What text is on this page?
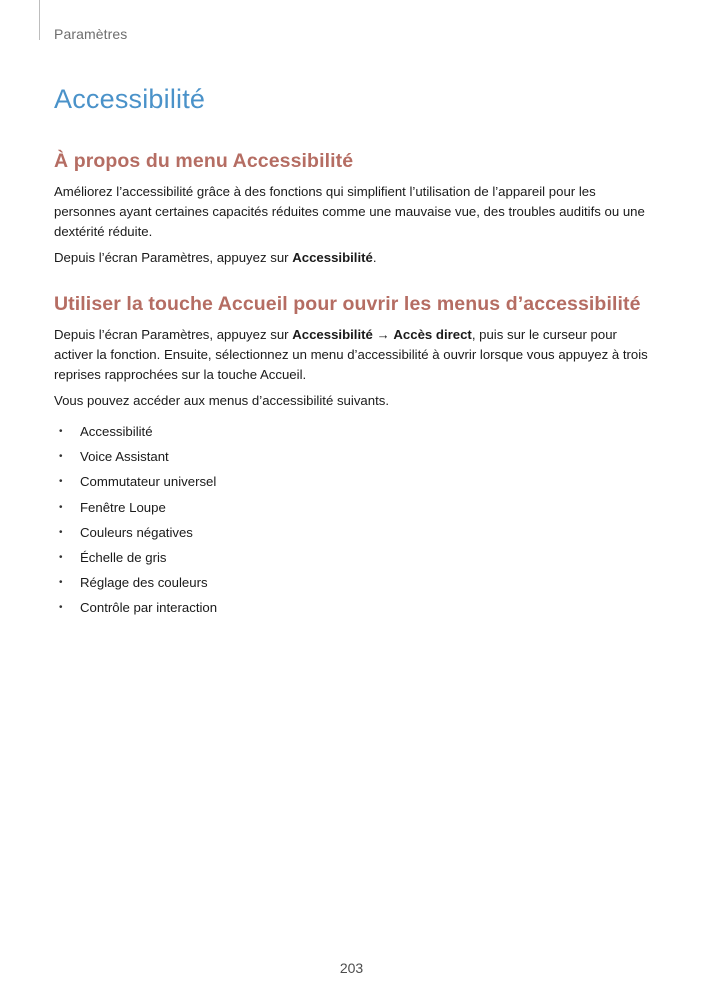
Paramètres
Accessibilité
À propos du menu Accessibilité

Améliorez l’accessibilité grâce à des fonctions qui simplifient l’utilisation de l’appareil pour les personnes ayant certaines capacités réduites comme une mauvaise vue, des troubles auditifs ou une dextérité réduite.

Depuis l’écran Paramètres, appuyez sur Accessibilité.

Utiliser la touche Accueil pour ouvrir les menus d’accessibilité

Depuis l’écran Paramètres, appuyez sur Accessibilité → Accès direct, puis sur le curseur pour activer la fonction. Ensuite, sélectionnez un menu d’accessibilité à ouvrir lorsque vous appuyez à trois reprises rapprochées sur la touche Accueil.

Vous pouvez accéder aux menus d’accessibilité suivants.

• Accessibilité
• Voice Assistant
• Commutateur universel
• Fenêtre Loupe
• Couleurs négatives
• Échelle de gris
• Réglage des couleurs
• Contrôle par interaction
203
